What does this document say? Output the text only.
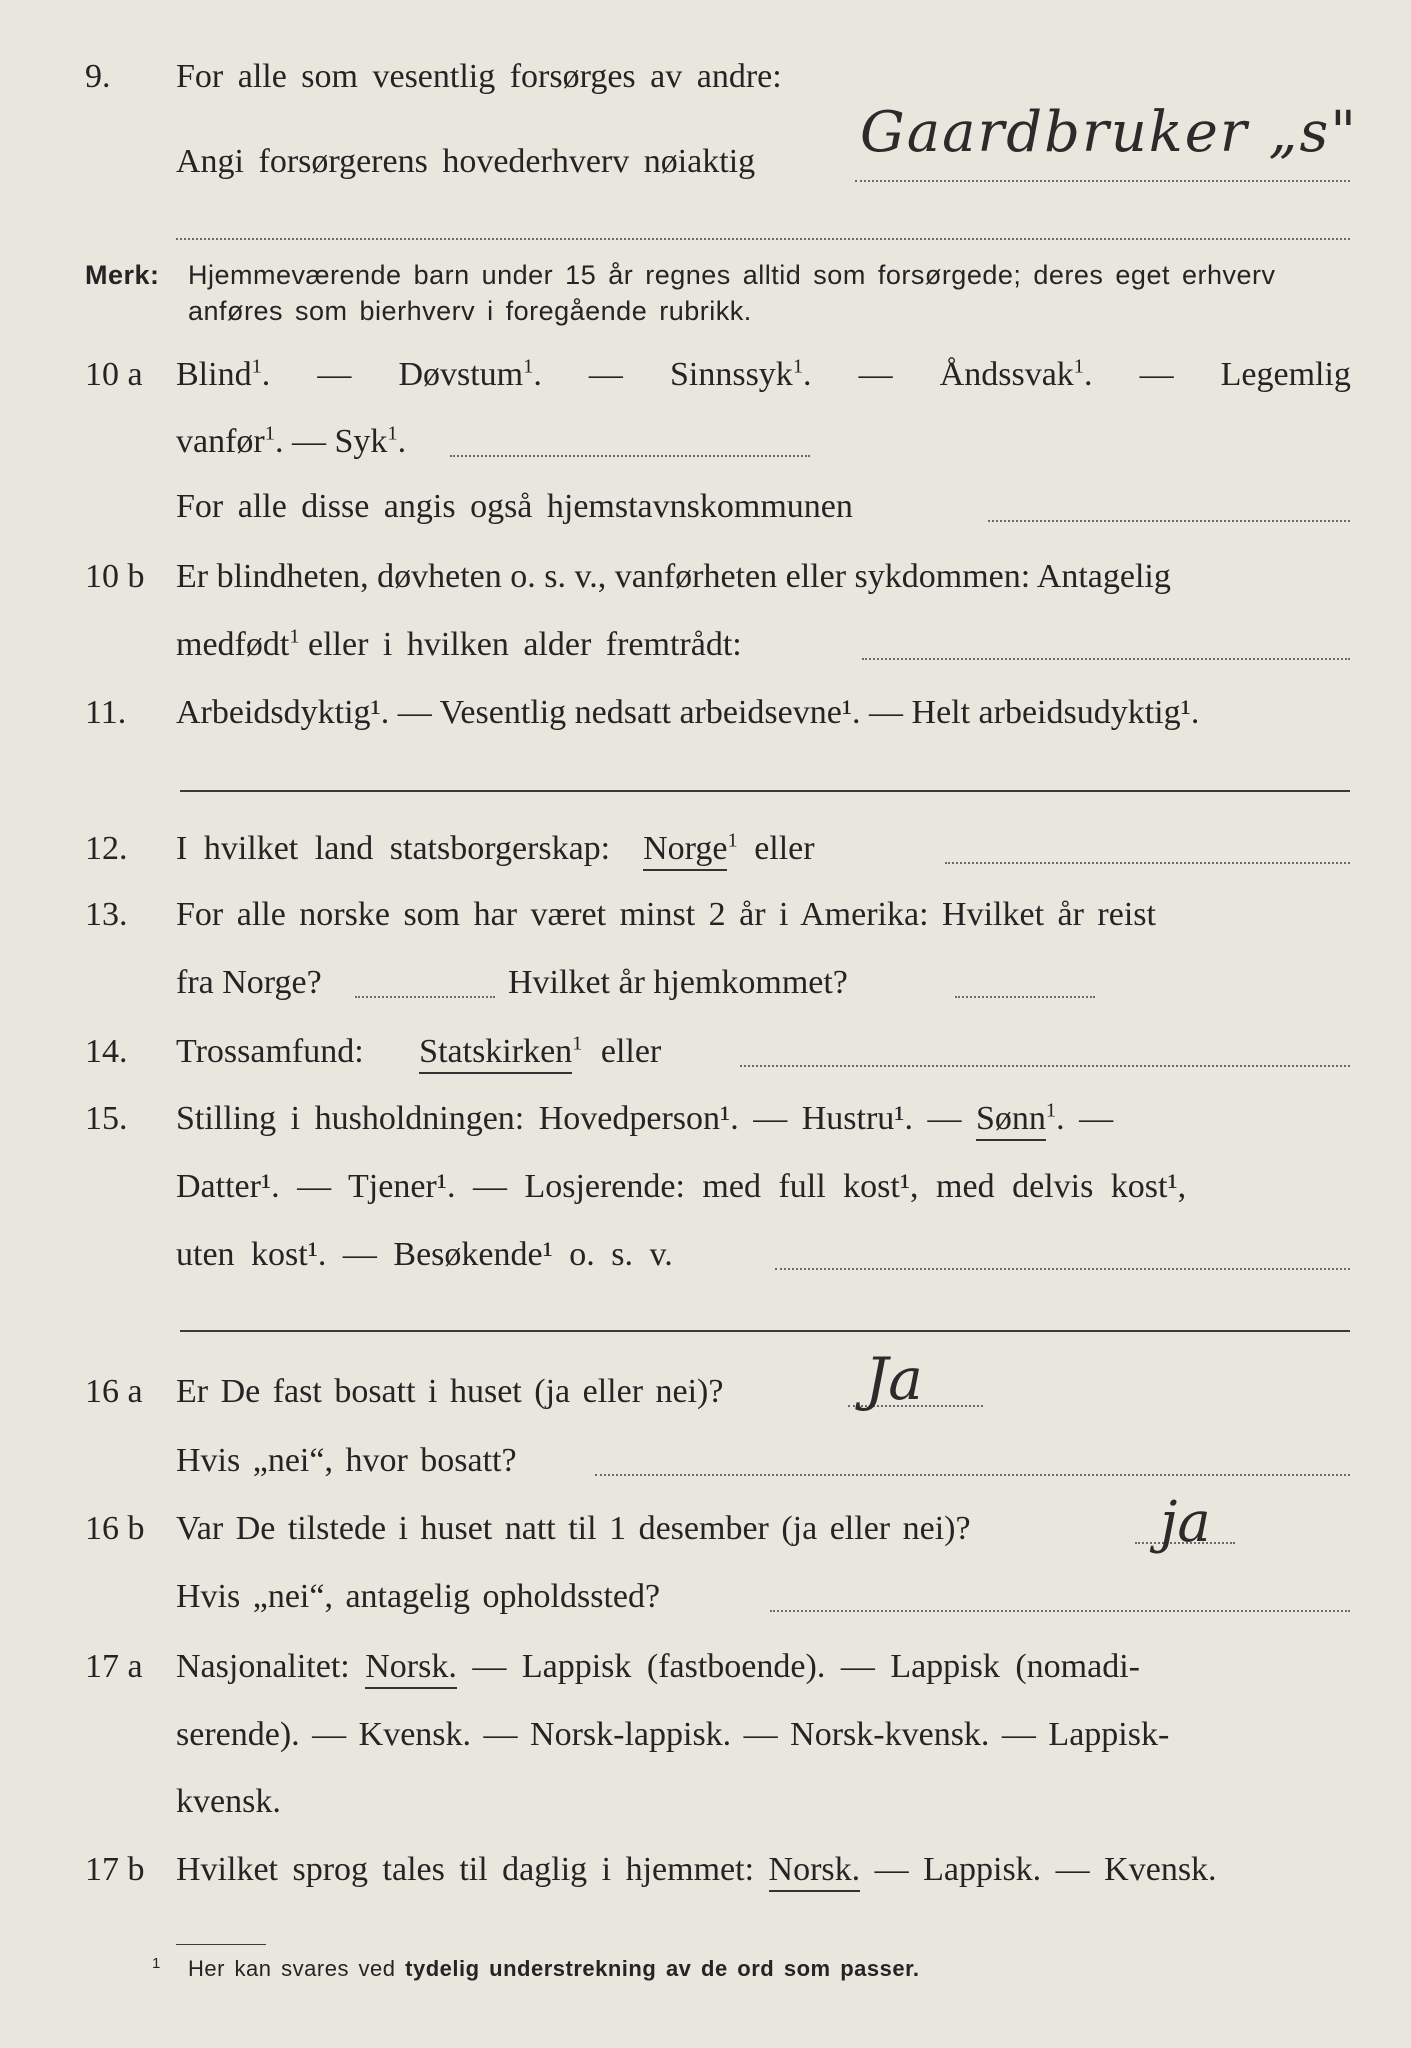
9. For alle som vesentlig forsørges av andre:
Angi forsørgerens hovederhverv nøiaktig Gaardbruker „s"
Merk: Hjemmeværende barn under 15 år regnes alltid som forsørgede; deres eget erhverv
anføres som bierhverv i foregående rubrikk.
10 a Blind$^1$. — Døvstum$^1$. — Sinnssyk$^1$. — Åndssvak$^1$. — Legemlig
vanfør$^1$. — Syk$^1$.
For alle disse angis også hjemstavnskommunen
10 b Er blindheten, døvheten o. s. v., vanførheten eller sykdommen: Antagelig
medfødt$^1$ eller i hvilken alder fremtrådt:
11. Arbeidsdyktig¹. — Vesentlig nedsatt arbeidsevne¹. — Helt arbeidsudyktig¹.
12. I hvilket land statsborgerskap: Norge$^1$ eller
13. For alle norske som har været minst 2 år i Amerika: Hvilket år reist
fra Norge?	Hvilket år hjemkommet?
14. Trossamfund: Statskirken$^1$ eller
15. Stilling i husholdningen: Hovedperson¹. — Hustru¹. — Sønn$^1$. —
Datter¹. — Tjener¹. — Losjerende: med full kost¹, med delvis kost¹,
uten kost¹. — Besøkende¹ o. s. v.
16 a Er De fast bosatt i huset (ja eller nei)? Ja
Hvis „nei“, hvor bosatt?
16 b Var De tilstede i huset natt til 1 desember (ja eller nei)?	ja
Hvis „nei“, antagelig opholdssted?
17 a Nasjonalitet: Norsk. — Lappisk (fastboende). — Lappisk (nomadi-
serende). — Kvensk. — Norsk-lappisk. — Norsk-kvensk. — Lappisk-
kvensk.
17 b Hvilket sprog tales til daglig i hjemmet: Norsk. — Lappisk. — Kvensk.
1 Her kan svares ved tydelig understrekning av de ord som passer.
